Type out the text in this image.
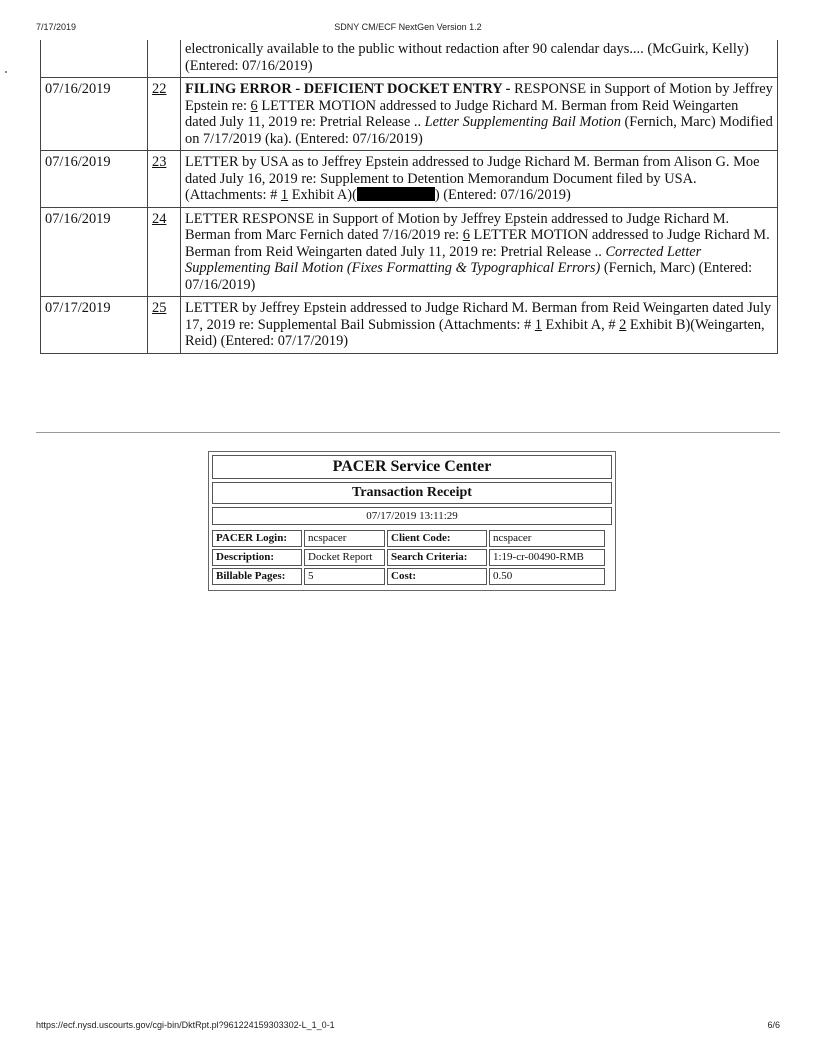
7/17/2019	SDNY CM/ECF NextGen Version 1.2
		electronically available to the public without redaction after 90 calendar days.... (McGuirk, Kelly) (Entered: 07/16/2019)
07/16/2019	22	FILING ERROR - DEFICIENT DOCKET ENTRY - RESPONSE in Support of Motion by Jeffrey Epstein re: 6 LETTER MOTION addressed to Judge Richard M. Berman from Reid Weingarten dated July 11, 2019 re: Pretrial Release .. Letter Supplementing Bail Motion (Fernich, Marc) Modified on 7/17/2019 (ka). (Entered: 07/16/2019)
07/16/2019	23	LETTER by USA as to Jeffrey Epstein addressed to Judge Richard M. Berman from Alison G. Moe dated July 16, 2019 re: Supplement to Detention Memorandum Document filed by USA. (Attachments: # 1 Exhibit A)( ) (Entered: 07/16/2019)
07/16/2019	24	LETTER RESPONSE in Support of Motion by Jeffrey Epstein addressed to Judge Richard M. Berman from Marc Fernich dated 7/16/2019 re: 6 LETTER MOTION addressed to Judge Richard M. Berman from Reid Weingarten dated July 11, 2019 re: Pretrial Release .. Corrected Letter Supplementing Bail Motion (Fixes Formatting & Typographical Errors) (Fernich, Marc) (Entered: 07/16/2019)
07/17/2019	25	LETTER by Jeffrey Epstein addressed to Judge Richard M. Berman from Reid Weingarten dated July 17, 2019 re: Supplemental Bail Submission (Attachments: # 1 Exhibit A, # 2 Exhibit B)(Weingarten, Reid) (Entered: 07/17/2019)
PACER Service Center
Transaction Receipt
07/17/2019 13:11:29
PACER Login:	ncspacer	Client Code:	ncspacer
Description:	Docket Report	Search Criteria:	1:19-cr-00490-RMB
Billable Pages:	5	Cost:	0.50
https://ecf.nysd.uscourts.gov/cgi-bin/DktRpt.pl?961224159303302-L_1_0-1	6/6
